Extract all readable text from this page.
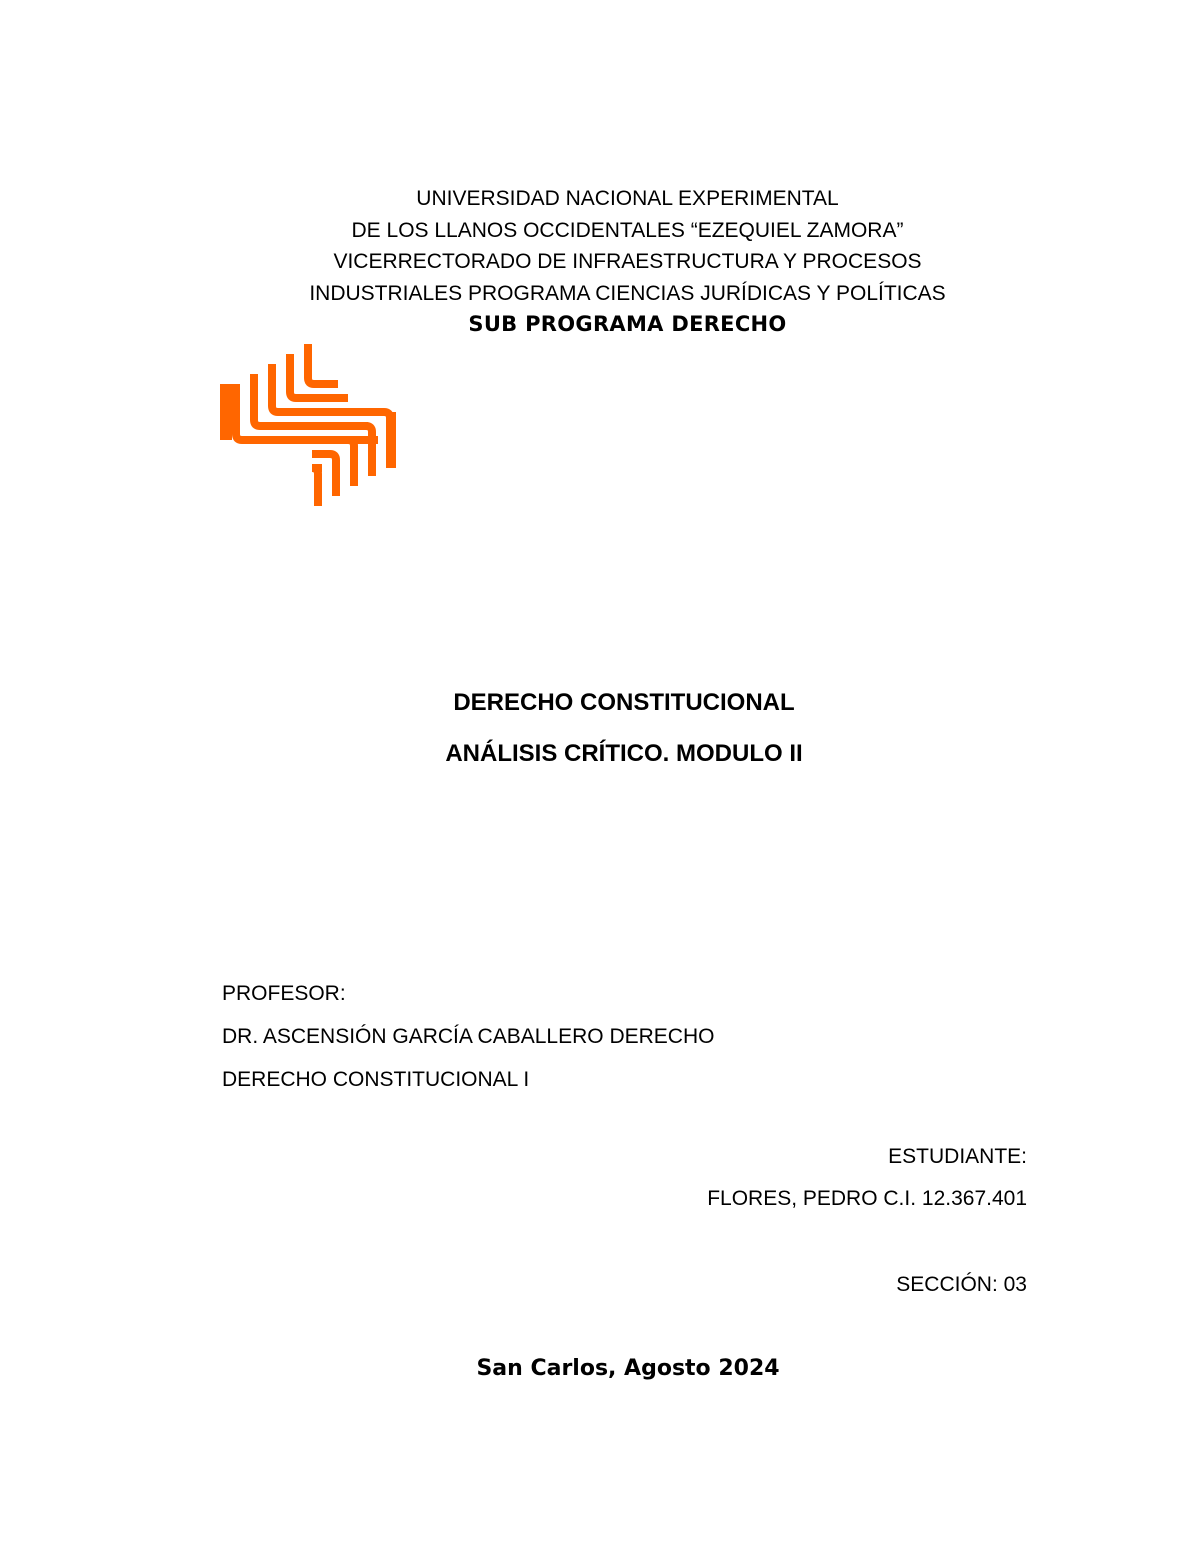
UNIVERSIDAD NACIONAL EXPERIMENTAL
DE LOS LLANOS OCCIDENTALES “EZEQUIEL ZAMORA”
VICERRECTORADO DE INFRAESTRUCTURA Y PROCESOS
INDUSTRIALES PROGRAMA CIENCIAS JURÍDICAS Y POLÍTICAS
SUB PROGRAMA DERECHO
DERECHO CONSTITUCIONAL
ANÁLISIS CRÍTICO. MODULO II
PROFESOR:
DR. ASCENSIÓN GARCÍA CABALLERO DERECHO
DERECHO CONSTITUCIONAL I
ESTUDIANTE:
FLORES, PEDRO C.I. 12.367.401
SECCIÓN: 03
San Carlos, Agosto 2024
